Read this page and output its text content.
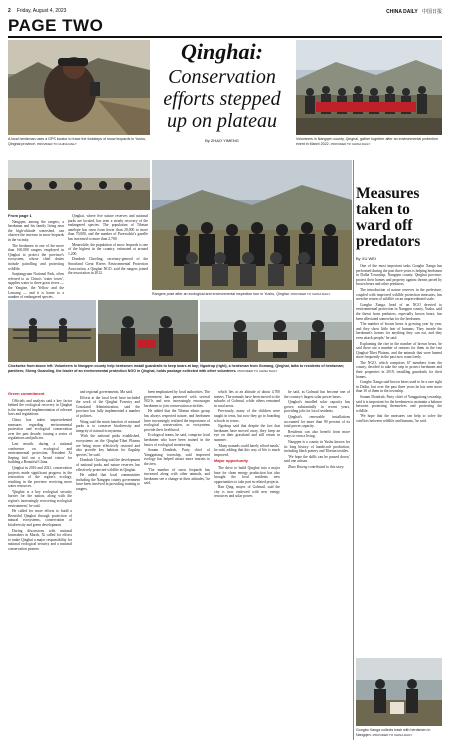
2 Friday, August 4, 2023	CHINA DAILY 中国日报
PAGE TWO
A local herdsman uses a GPS locator to trace the footsteps of snow leopards in Yushu, Qinghai province. PROVIDED TO CHINA DAILY
Qinghai:
Conservation efforts stepped up on plateau
By ZHAO YIMENG	Volunteers in Nangqen county, Qinghai, gather together after an environmental protection event in March 2022. PROVIDED TO CHINA DAILY
Rangers pose after an ecological and environmental inspection tour in Yushu, Qinghai. PROVIDED TO CHINA DAILY
Clockwise from above left: Volunteers in Nangqen county help herdsmen install guardrails to keep bears at bay; Ngodrup (right), a herdsman from Gomang, Qinghai, talks to residents of herdsman; panthers; Sheng Guanding, the leader of an environmental protection NGO in Qinghai, holds package collected with other volunteers. PROVIDED TO CHINA DAILY

From page 1

Nangqen, among the rangers, a herdsman and his family living near the high-altitude watershed, can observe the increase in snow leopards in the vicinity.

The herdsmen in one of the more than 160,000 rangers employed in Qinghai to protect the province's ecosystem, whose chief duties include patrolling and protecting wildlife.

Sanjiangyuan National Park, often referred to as China's 'water tower', supplies water to three great rivers — the Yangtze, the Yellow and the Lancang — and it is home to a number of endangered species.

Qinghai, where five nature reserves and national parks are located, has seen a steady recovery of the endangered species. The population of Tibetan antelope has risen from fewer than 20,000 to more than 70,000, and the number of Przewalski's gazelle has increased to more than 2,700.

Meanwhile, the population of snow leopards is one of the highest in the country, estimated at around 1,200.

Dondrub Choeling, secretary-general of the Snowland Great Rivers Environmental Protection Association, a Qinghai NGO, said the rangers joined the association in 2012.

Green commitment

Officials and analysts said a key factor behind the ecological recovery in Qinghai is the improved implementation of relevant laws and regulations.

China has taken unprecedented measures regarding environmental protection and ecological conservation over the past decade, issuing a series of regulations and policies.

Last month, during a national conference on ecological and environmental protection, President Xi Jinping laid out a 'broad vision' for building a Beautiful China.

Qinghai in 2016 and 2021, conservation projects made significant progress in the restoration of the region's ecology, resulting in the province receiving more water resources.

'Qinghai is a key ecological security barrier for the nation, along with the region's increasingly recovering ecological environment,' he said.

He called for more efforts to build a Beautiful Qinghai through protection of natural ecosystems, conservation of biodiversity and green development.

During discussions with national lawmakers in March, Xi called for efforts to make Qinghai a major responsibility for national ecological security and a national conservation pioneer.

and regional governments, Ma said.

Efforts at the local level have included the work of the Qinghai Forestry and Grassland Administration, said the province has fully implemented a number of policies.

Wang said the main function of national parks is to conserve biodiversity and integrity of natural ecosystems.

'With the national parks established, ecosystems on the Qinghai-Tibet Plateau are being more effectively restored and also provide key habitats for flagship species,' he said.

Dondrub Choeling said the development of national parks and nature reserves has effectively protected wildlife in Qinghai.

He added that local communities including the Nangqen county government have been involved in providing training to rangers.

been emphasized by local authorities. The government has partnered with several NGOs and now increasingly encourages herdsmen to join conservation activities.

He added that the Tibetan ethnic group has always respected nature, and herdsmen have increasingly realized the importance of ecological conservation, as ecosystems provide their livelihood.

Ecological teams, he said, comprise local herdsmen who have been trained in the basics of ecological monitoring.

Sonam Dondrub, Party chief of Yangguitang township, said improved ecology has helped attract more tourists to the area.

'The number of snow leopards has increased along with other animals, and herdsmen see a change in their attitudes,' he said.

which lies at an altitude of about 4,700 meters. The nomads have been moved to the suburbs of Golmud, while others remained in rural areas.

Previously, many of the children were taught in tents, but now they go to boarding schools in towns.

Ngodrup said that despite the fact that herdsmen have moved away, they keep an eye on their grassland and still return in summer.

'Many nomads could barely afford meals,' he said, adding that this way of life is much improved.

Major opportunity

The drive to build Qinghai into a major base for clean energy production has also brought the local residents new opportunities to take part in related projects.

Ran Qing, mayor of Golmud, said the city is now endowed with new energy resources and solar power.

he said, as Golmud has become one of the country's largest solar power bases.

Qinghai's installed solar capacity has grown substantially in recent years, providing jobs for local residents.

Qinghai's renewable installations accounted for more than 90 percent of its total power capacity.

Residents can also benefit from more ways to earn a living.

Nangqen is a county in Yushu known for its long history of handicraft production, including black pottery and Tibetan textiles.

'We hope the skills can be passed down,' said one artisan.

Zhao Yimeng contributed to this story.

Measures taken to ward off predators
By XU WEI

One of the most important tasks Gongbo Xanga has performed during the past three years is helping herdsmen in Dalha Township, Nangqen county, Qinghai province, protect their homes and property against threats posed by brown bears and other predators.

The introduction of nature reserves in the prefecture, coupled with improved wildlife protection measures, has seen the return of wildlife on an unprecedented scale.

Gongbo Xanga, head of an NGO devoted to environmental protection in Nangqen county, Yushu, said the threat from predators, especially brown bears, has been alleviated somewhat for the herdsmen.

'The number of brown bears is growing year by year, and they show little fear of humans. They invade the herdsmen's homes for anything they can eat, and they even attack people,' he said.

Explaining the rise in the number of brown bears, he said there are a number of reasons for them in the vast Qinghai-Tibet Plateau, and the animals that were hunted more frequently in the past now roam freely.

The NGO, which comprises 67 members from the county, decided to take the step to protect herdsmen and their properties in 2019, installing guardrails for their homes.

Gongbo Xanga said brown bears used to be a rare sight in Dalha, but over the past three years he has seen more than 10 of them in the township.

Sonam Dondrub, Party chief of Yangguitang township, said it is important for the herdsmen to maintain a balance between protecting themselves and protecting the wildlife.

'We hope that the measures can help to solve the conflicts between wildlife and humans,' he said.

Gongbo Xanga collects trash with herdsmen in Nangqen. PROVIDED TO CHINA DAILY
